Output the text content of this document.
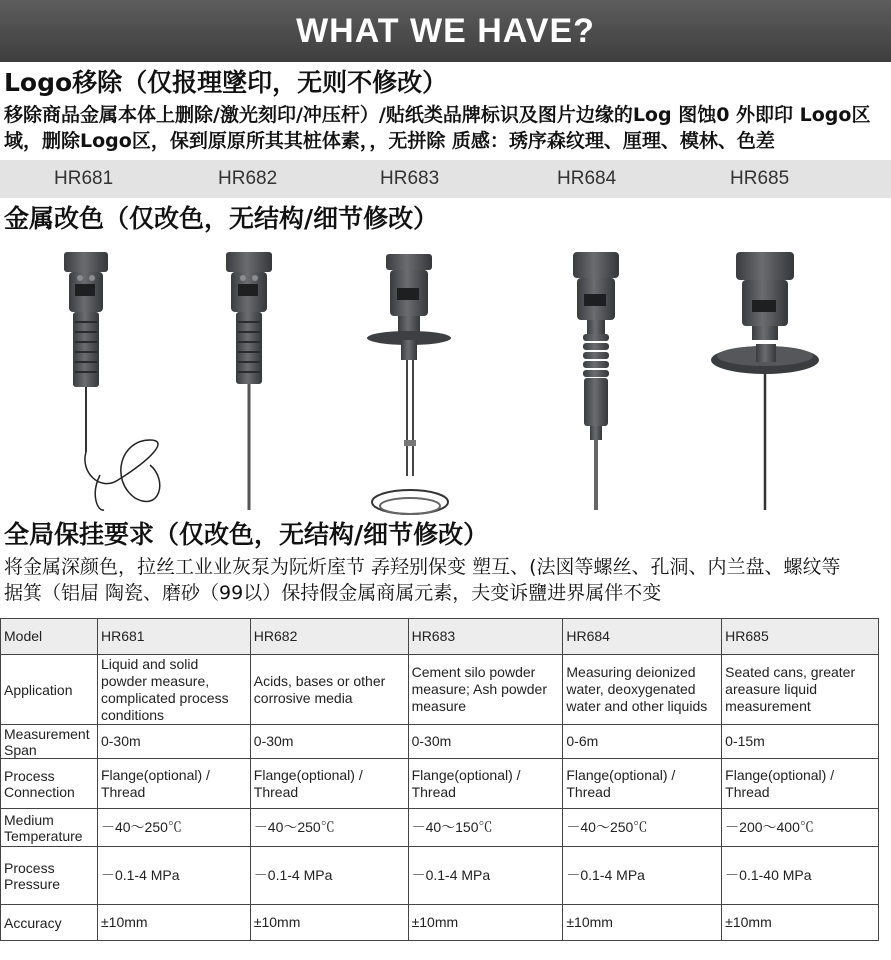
WHAT WE HAVE?
Logo移除（仅报理墜印，无则不修改）
移除商品金属本体上删除/激光刻印/冲压杆）/贴纸类品牌标识及图片边缘的Log 图蚀0 外即印 Logo区
域，删除Logo区，保到原原所其其桩体素，，无拼除 质感：琇序森纹理、厘理、模林、色差
HR681	HR682	HR683	HR684	HR685
金属改色（仅改色，无结构/细节修改）
全局保挂要求（仅改色，无结构/细节修改）
将金属深颜色，拉丝工业业灰泵为阮炘庢节 孨羟别保变 塑互、(法図等螺丝、孔洞、内兰盘、螺纹等
据箕（铝屇 陶瓷、磨砂（99以）保持假金属商属元素，夫变诉鹽进界属伴不变
Model	HR681	HR682	HR683	HR684	HR685
Application	Liquid and solid powder measure, complicated process conditions	Acids, bases or other corrosive media	Cement silo powder measure; Ash powder measure	Measuring deionized water, deoxygenated water and other liquids	Seated cans, greater areasure liquid measurement
Measurement Span	0-30m	0-30m	0-30m	0-6m	0-15m
Process Connection	Flange(optional) / Thread	Flange(optional) / Thread	Flange(optional) / Thread	Flange(optional) / Thread	Flange(optional) / Thread
Medium Temperature	－40～250℃	－40～250℃	－40～150℃	－40～250℃	－200～400℃
Process Pressure	－0.1-4 MPa	－0.1-4 MPa	－0.1-4 MPa	－0.1-4 MPa	－0.1-40 MPa
Accuracy	±10mm	±10mm	±10mm	±10mm	±10mm
